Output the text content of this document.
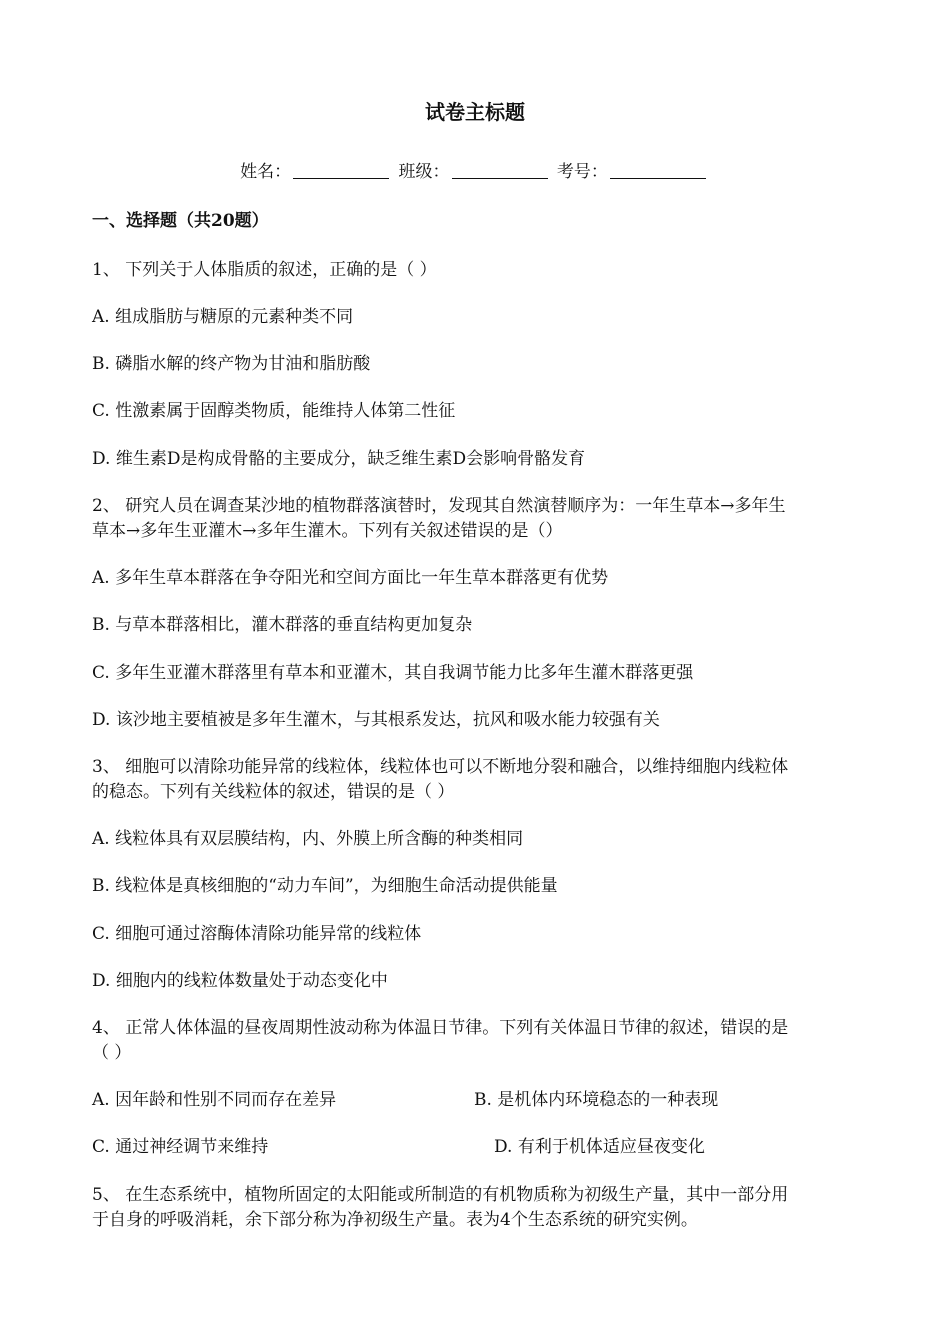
试卷主标题
姓名：	班级：	考号：
一、选择题（共20题）
1、 下列关于人体脂质的叙述，正确的是（ ）
A. 组成脂肪与糖原的元素种类不同
B. 磷脂水解的终产物为甘油和脂肪酸
C. 性激素属于固醇类物质，能维持人体第二性征
D. 维生素D是构成骨骼的主要成分，缺乏维生素D会影响骨骼发育
2、 研究人员在调查某沙地的植物群落演替时，发现其自然演替顺序为：一年生草本→多年生
草本→多年生亚灌木→多年生灌木。下列有关叙述错误的是（）
A. 多年生草本群落在争夺阳光和空间方面比一年生草本群落更有优势
B. 与草本群落相比，灌木群落的垂直结构更加复杂
C. 多年生亚灌木群落里有草本和亚灌木，其自我调节能力比多年生灌木群落更强
D. 该沙地主要植被是多年生灌木，与其根系发达，抗风和吸水能力较强有关
3、 细胞可以清除功能异常的线粒体，线粒体也可以不断地分裂和融合，以维持细胞内线粒体
的稳态。下列有关线粒体的叙述，错误的是（ ）
A. 线粒体具有双层膜结构，内、外膜上所含酶的种类相同
B. 线粒体是真核细胞的“动力车间”，为细胞生命活动提供能量
C. 细胞可通过溶酶体清除功能异常的线粒体
D. 细胞内的线粒体数量处于动态变化中
4、 正常人体体温的昼夜周期性波动称为体温日节律。下列有关体温日节律的叙述，错误的是
（ ）
A. 因年龄和性别不同而存在差异	B. 是机体内环境稳态的一种表现
C. 通过神经调节来维持	D. 有利于机体适应昼夜变化
5、 在生态系统中，植物所固定的太阳能或所制造的有机物质称为初级生产量，其中一部分用
于自身的呼吸消耗，余下部分称为净初级生产量。表为4个生态系统的研究实例。
